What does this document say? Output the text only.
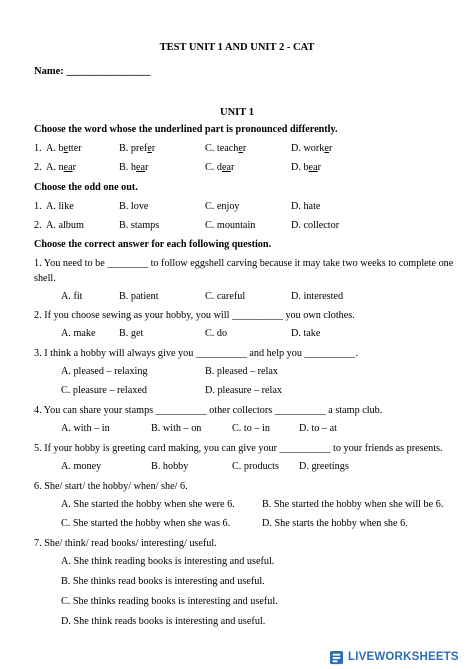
TEST UNIT 1 AND UNIT 2 - CAT
Name: ________________
UNIT 1
Choose the word whose the underlined part is pronounced differently.
1. A. better	B. prefer	C. teacher	D. worker
2. A. near	B. hear	C. dear	D. bear
Choose the odd one out.
1. A. like	B. love	C. enjoy	D. hate
2. A. album	B. stamps	C. mountain	D. collector
Choose the correct answer for each following question.
1. You need to be ________ to follow eggshell carving because it may take two weeks to complete one shell.
A. fit	B. patient	C. careful	D. interested
2. If you choose sewing as your hobby, you will __________ you own clothes.
A. make B. get	C. do	D. take
3. I think a hobby will always give you __________ and help you __________.
A. pleased – relaxing	B. pleased – relax
C. pleasure – relaxed	D. pleasure – relax
4. You can share your stamps __________ other collectors __________ a stamp club.
A. with – in	B. with – on	C. to – in	D. to – at
5. If your hobby is greeting card making, you can give your __________ to your friends as presents.
A. money	B. hobby	C. products D. greetings
6. She/ start/ the hobby/ when/ she/ 6.
A. She started the hobby when she were 6.	B. She started the hobby when she will be 6.
C. She started the hobby when she was 6.	D. She starts the hobby when she 6.
7. She/ think/ read books/ interesting/ useful.
A. She think reading books is interesting and useful.
B. She thinks read books is interesting and useful.
C. She thinks reading books is interesting and useful.
D. She think reads books is interesting and useful.
LIVEWORKSHEETS
